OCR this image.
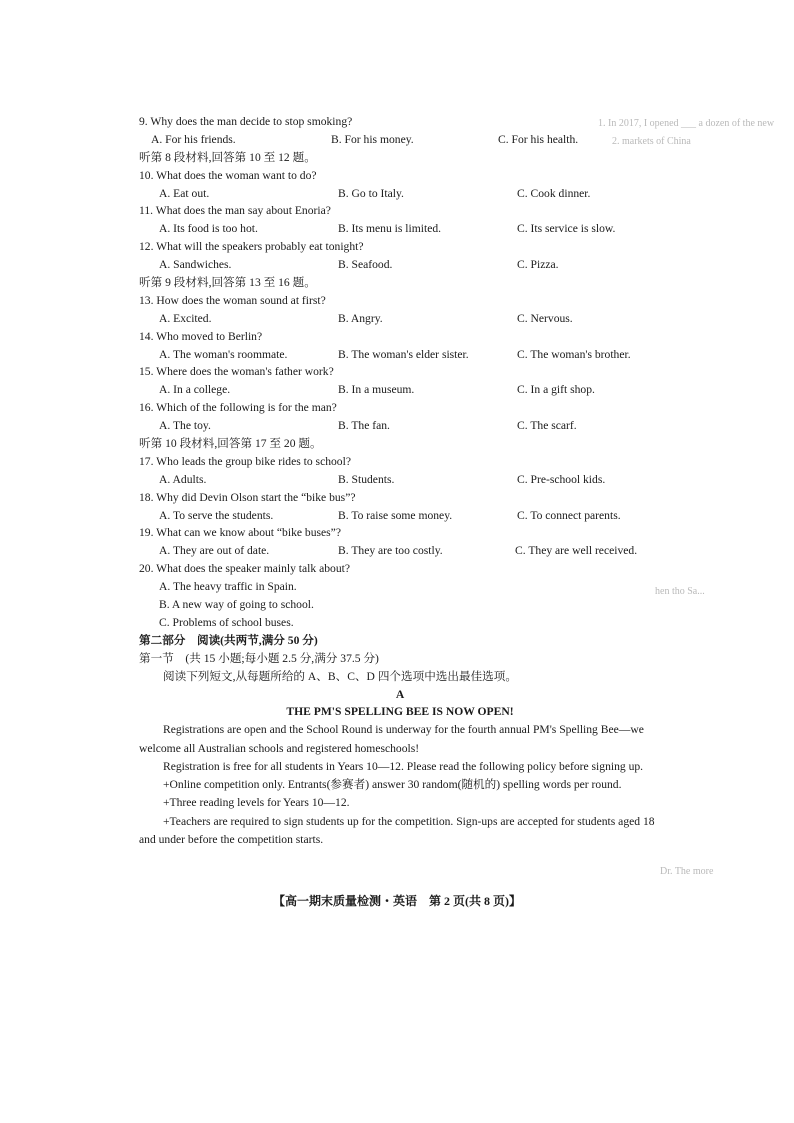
1. In 2017, I opened ___ a dozen of the new
2. markets of China
hen tho Sa...
Dr. The more
9. Why does the man decide to stop smoking?
A. For his friends.	B. For his money.	C. For his health.
听第 8 段材料,回答第 10 至 12 题。
10. What does the woman want to do?
A. Eat out.	B. Go to Italy.	C. Cook dinner.
11. What does the man say about Enoria?
A. Its food is too hot.	B. Its menu is limited.	C. Its service is slow.
12. What will the speakers probably eat tonight?
A. Sandwiches.	B. Seafood.	C. Pizza.
听第 9 段材料,回答第 13 至 16 题。
13. How does the woman sound at first?
A. Excited.	B. Angry.	C. Nervous.
14. Who moved to Berlin?
A. The woman's roommate.	B. The woman's elder sister.	C. The woman's brother.
15. Where does the woman's father work?
A. In a college.	B. In a museum.	C. In a gift shop.
16. Which of the following is for the man?
A. The toy.	B. The fan.	C. The scarf.
听第 10 段材料,回答第 17 至 20 题。
17. Who leads the group bike rides to school?
A. Adults.	B. Students.	C. Pre-school kids.
18. Why did Devin Olson start the “bike bus”?
A. To serve the students.	B. To raise some money.	C. To connect parents.
19. What can we know about “bike buses”?
A. They are out of date.	B. They are too costly.	C. They are well received.
20. What does the speaker mainly talk about?
A. The heavy traffic in Spain.
B. A new way of going to school.
C. Problems of school buses.
第二部分　阅读(共两节,满分 50 分)
第一节　(共 15 小题;每小题 2.5 分,满分 37.5 分)
阅读下列短文,从每题所给的 A、B、C、D 四个选项中选出最佳选项。
A
THE PM'S SPELLING BEE IS NOW OPEN!

Registrations are open and the School Round is underway for the fourth annual PM's Spelling Bee—we welcome all Australian schools and registered homeschools!

Registration is free for all students in Years 10—12. Please read the following policy before signing up.

+Online competition only. Entrants(参赛者) answer 30 random(随机的) spelling words per round.

+Three reading levels for Years 10—12.

+Teachers are required to sign students up for the competition. Sign-ups are accepted for students aged 18 and under before the competition starts.

【高一期末质量检测・英语　第 2 页(共 8 页)】
